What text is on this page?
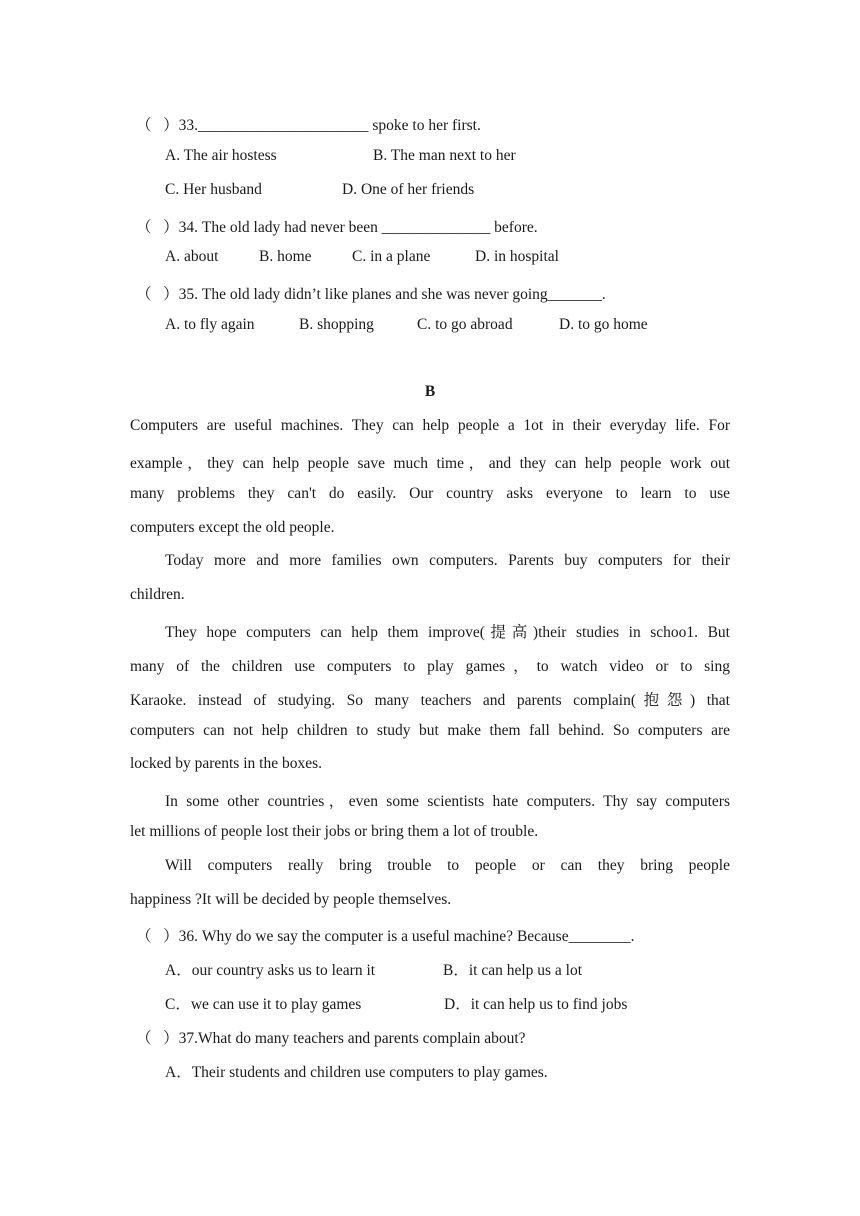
（   ）33.______________________ spoke to her first.
A. The air hostess	B. The man next to her
C. Her husband	D. One of her friends
（   ）34. The old lady had never been ______________ before.
A. about	B. home	C. in a plane	D. in hospital
（   ）35. The old lady didn’t like planes and she was never going_______.
A. to fly again	B. shopping	C. to go abroad	D. to go home
B
Computers are useful machines. They can help people a 1ot in their everyday life. For
example，they can help people save much time，and they can help people work out
many problems they can't do easily. Our country asks everyone to learn to use
computers except the old people.
Today more and more families own computers. Parents buy computers for their
children.
They hope computers can help them improve(提高)their studies in schoo1. But
many of the children use computers to play games，to watch video or to sing
Karaoke. instead of studying. So many teachers and parents complain(抱怨) that
computers can not help children to study but make them fall behind. So computers are
locked by parents in the boxes.
In some other countries，even some scientists hate computers. Thy say computers
let millions of people lost their jobs or bring them a lot of trouble.
Will computers really bring trouble to people or can they bring people
happiness ?It will be decided by people themselves.
（   ）36. Why do we say the computer is a useful machine? Because________.
A．our country asks us to learn it	B．it can help us a lot
C．we can use it to play games	D．it can help us to find jobs
（   ）37.What do many teachers and parents complain about?
A．Their students and children use computers to play games.
